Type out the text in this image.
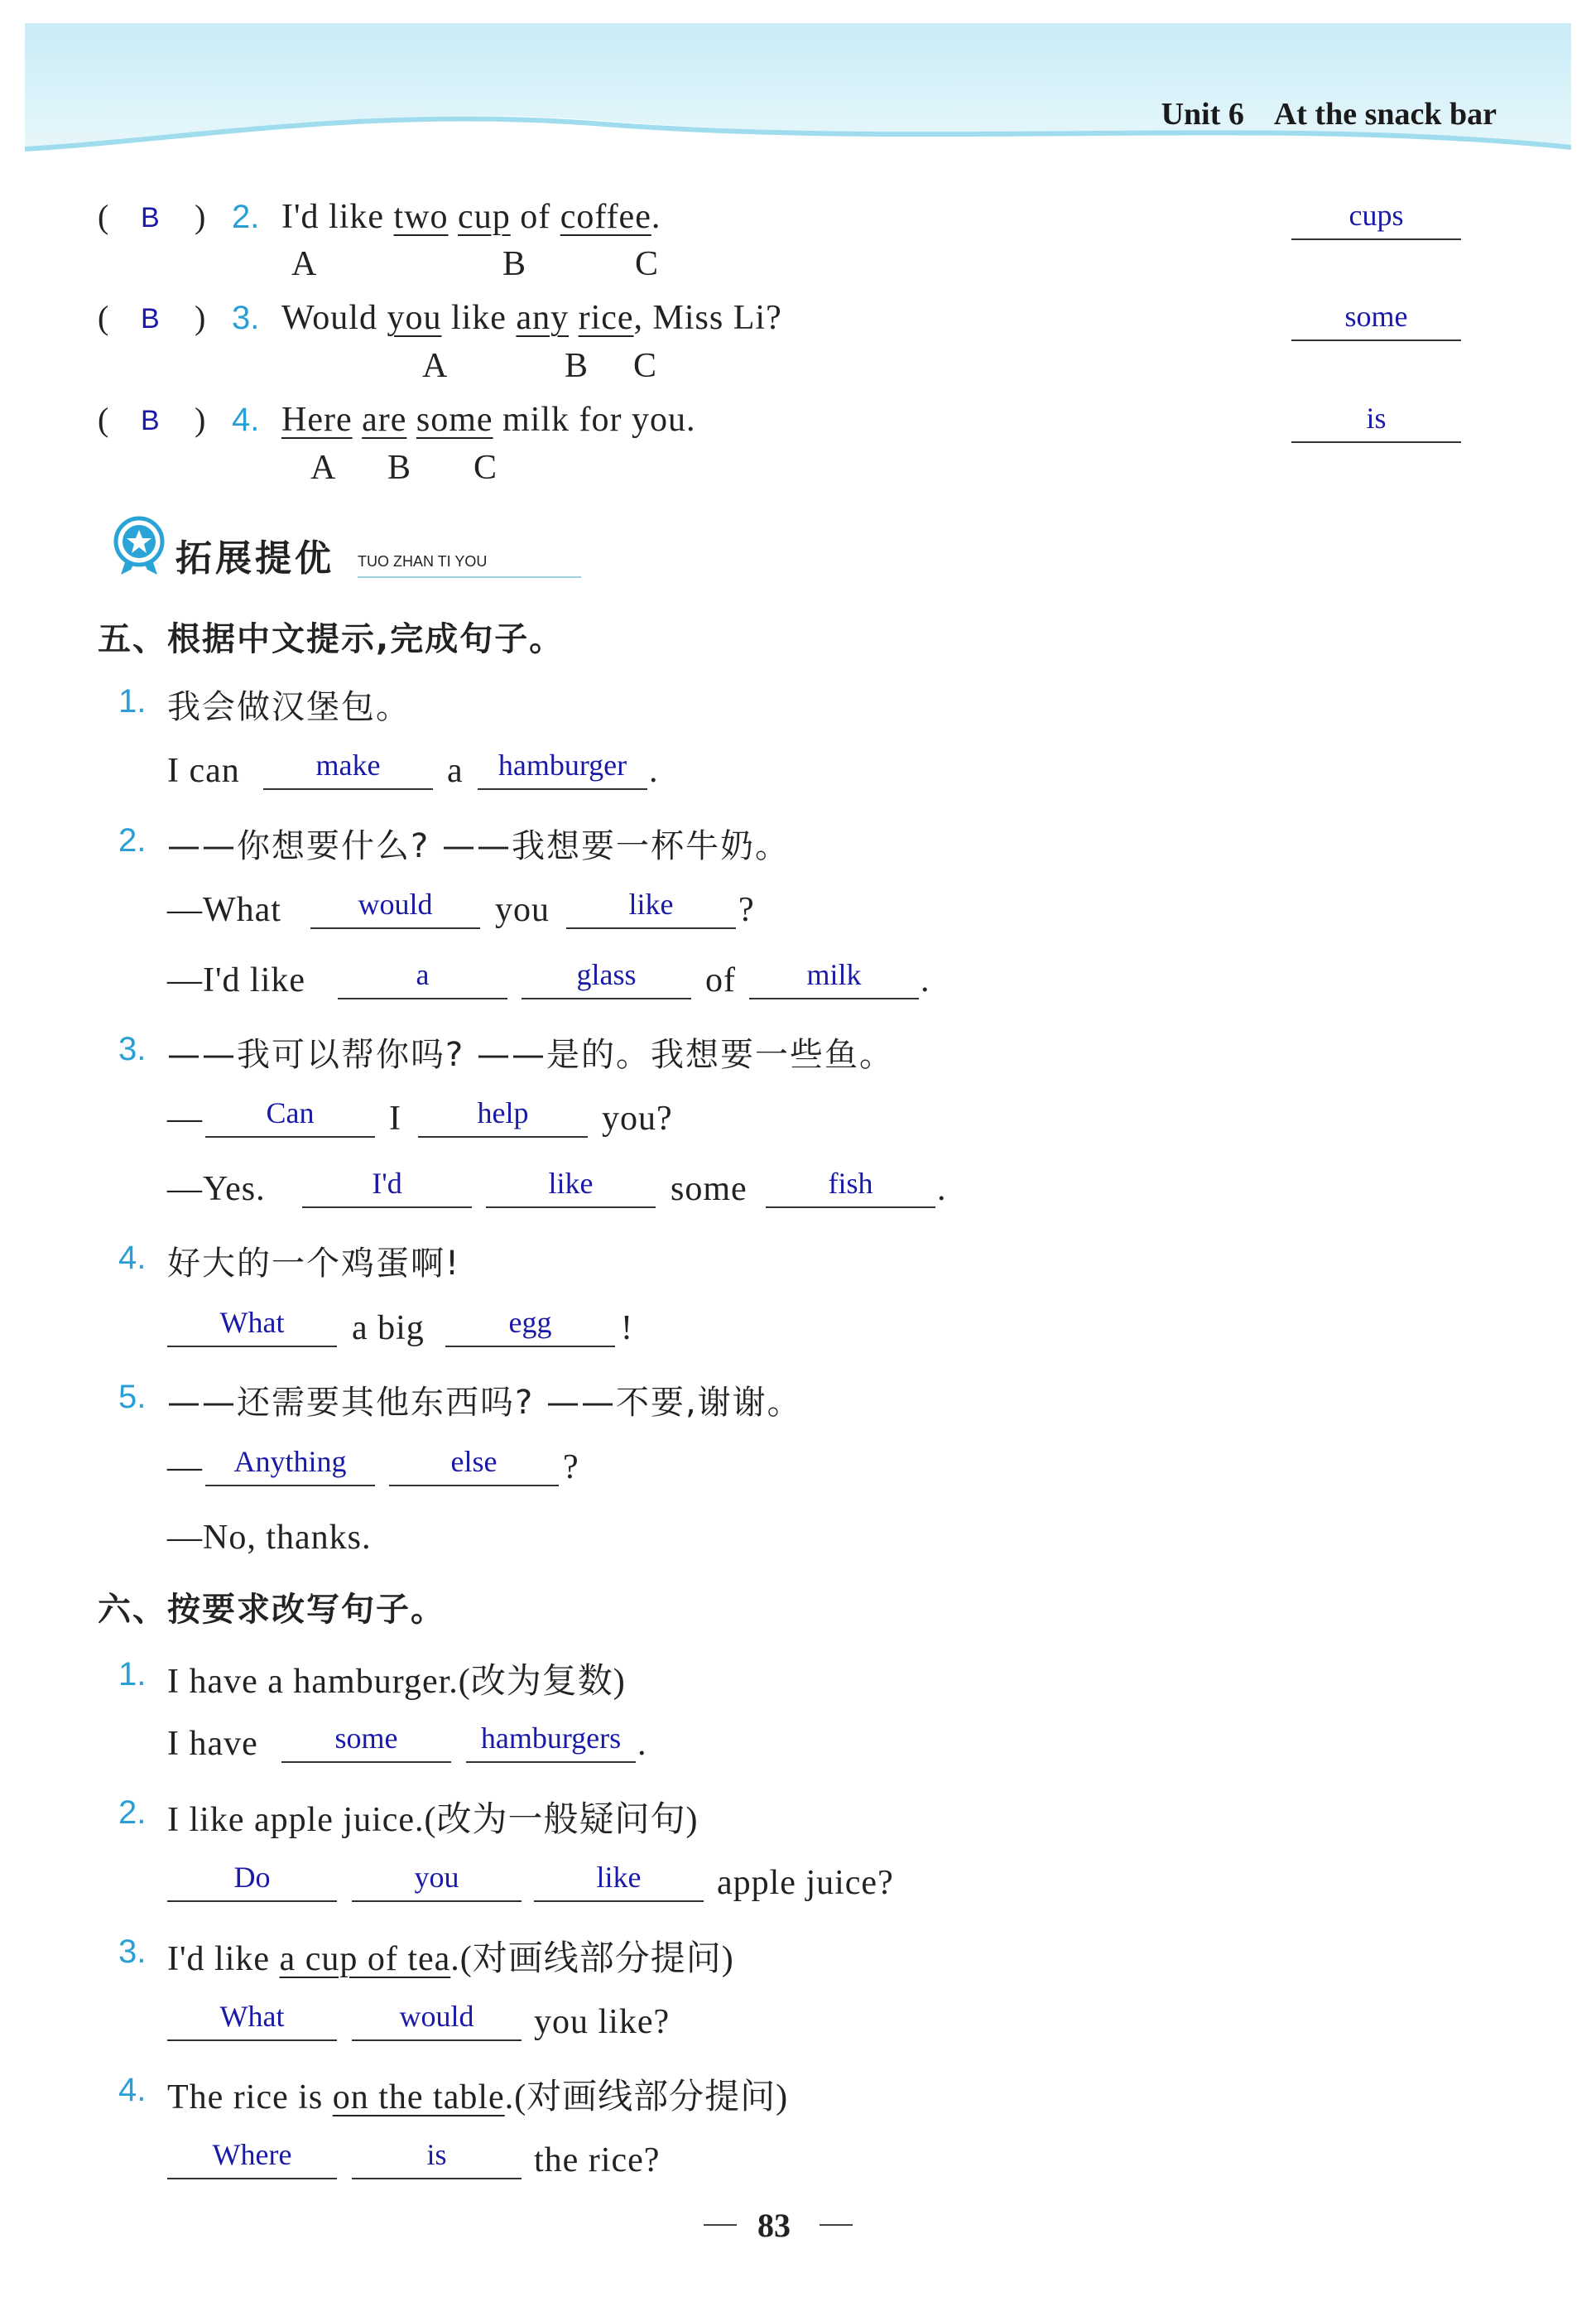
Unit 6 At the snack bar
( B ) 2. I'd like two cup of coffee.
A	B	C
cups
( B ) 3. Would you like any rice, Miss Li?
A	B C
some
( B ) 4. Here are some milk for you.
A B C
is
拓展提优 TUO ZHAN TI YOU
五、根据中文提示,完成句子。
1. 我会做汉堡包。
I can	make	a	hamburger .
2. ——你想要什么? ——我想要一杯牛奶。
—What	would	you	like	?
—I'd like	a	glass	of	milk	.
3. ——我可以帮你吗? ——是的。我想要一些鱼。
—	Can	I	help	you?
—Yes.	I'd	like	some	fish	.
4. 好大的一个鸡蛋啊!
What	a big	egg	!
5. ——还需要其他东西吗? ——不要,谢谢。
—	Anything	else	?
—No, thanks.
六、按要求改写句子。
1. I have a hamburger.(改为复数)
I have	some	hamburgers .
2. I like apple juice.(改为一般疑问句)
Do	you	like	apple juice?
3. I'd like a cup of tea.(对画线部分提问)
What	would	you like?
4. The rice is on the table.(对画线部分提问)
Where	is	the rice?
83
